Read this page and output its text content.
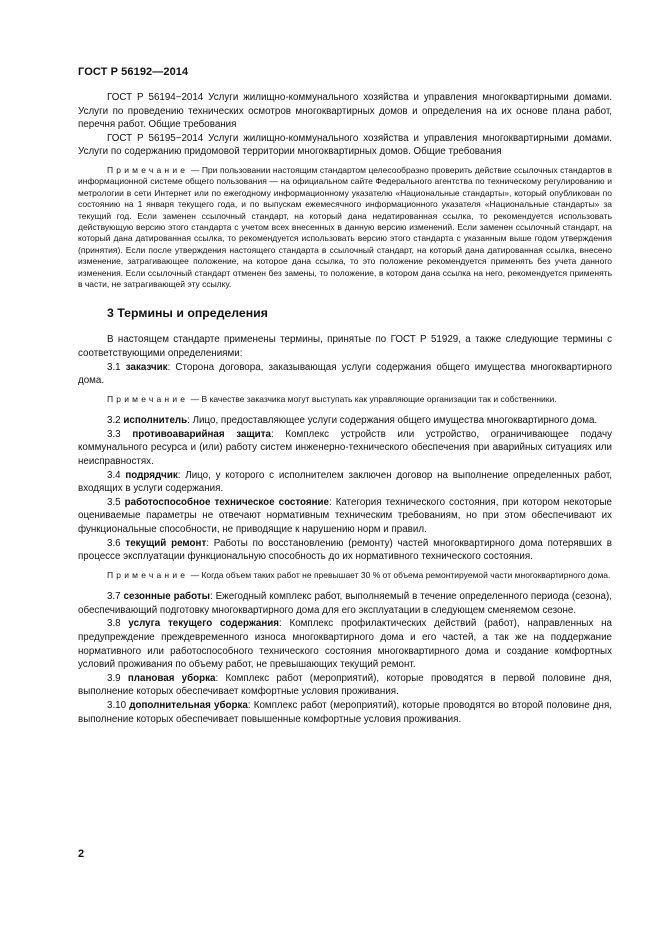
ГОСТ Р 56192—2014

ГОСТ Р 56194−2014 Услуги жилищно-коммунального хозяйства и управления многоквартирными домами. Услуги по проведению технических осмотров многоквартирных домов и определения на их основе плана работ, перечня работ. Общие требования

ГОСТ Р 56195−2014 Услуги жилищно-коммунального хозяйства и управления многоквартирными домами. Услуги по содержанию придомовой территории многоквартирных домов. Общие требования

Примечание — При пользовании настоящим стандартом целесообразно проверить действие ссылочных стандартов в информационной системе общего пользования — на официальном сайте Федерального агентства по техническому регулированию и метрологии в сети Интернет или по ежегодному информационному указателю «Национальные стандарты», который опубликован по состоянию на 1 января текущего года, и по выпускам ежемесячного информационного указателя «Национальные стандарты» за текущий год. Если заменен ссылочный стандарт, на который дана недатированная ссылка, то рекомендуется использовать действующую версию этого стандарта с учетом всех внесенных в данную версию изменений. Если заменен ссылочный стандарт, на который дана датированная ссылка, то рекомендуется использовать версию этого стандарта с указанным выше годом утверждения (принятия). Если после утверждения настоящего стандарта в ссылочный стандарт, на который дана датированная ссылка, внесено изменение, затрагивающее положение, на которое дана ссылка, то это положение рекомендуется применять без учета данного изменения. Если ссылочный стандарт отменен без замены, то положение, в котором дана ссылка на него, рекомендуется применять в части, не затрагивающей эту ссылку.

3 Термины и определения

В настоящем стандарте применены термины, принятые по ГОСТ Р 51929, а также следующие термины с соответствующими определениями:

3.1 заказчик: Сторона договора, заказывающая услуги содержания общего имущества многоквартирного дома.

Примечание — В качестве заказчика могут выступать как управляющие организации так и собственники.

3.2 исполнитель: Лицо, предоставляющее услуги содержания общего имущества многоквартирного дома.

3.3 противоаварийная защита: Комплекс устройств или устройство, ограничивающее подачу коммунального ресурса и (или) работу систем инженерно-технического обеспечения при аварийных ситуациях или неисправностях.

3.4 подрядчик: Лицо, у которого с исполнителем заключен договор на выполнение определенных работ, входящих в услуги содержания.

3.5 работоспособное техническое состояние: Категория технического состояния, при котором некоторые оцениваемые параметры не отвечают нормативным техническим требованиям, но при этом обеспечивают их функциональные способности, не приводящие к нарушению норм и правил.

3.6 текущий ремонт: Работы по восстановлению (ремонту) частей многоквартирного дома потерявших в процессе эксплуатации функциональную способность до их нормативного технического состояния.

Примечание — Когда объем таких работ не превышает 30 % от объема ремонтируемой части многоквартирного дома.

3.7 сезонные работы: Ежегодный комплекс работ, выполняемый в течение определенного периода (сезона), обеспечивающий подготовку многоквартирного дома для его эксплуатации в следующем сменяемом сезоне.

3.8 услуга текущего содержания: Комплекс профилактических действий (работ), направленных на предупреждение преждевременного износа многоквартирного дома и его частей, а так же на поддержание нормативного или работоспособного технического состояния многоквартирного дома и создание комфортных условий проживания по объему работ, не превышающих текущий ремонт.

3.9 плановая уборка: Комплекс работ (мероприятий), которые проводятся в первой половине дня, выполнение которых обеспечивает комфортные условия проживания.

3.10 дополнительная уборка: Комплекс работ (мероприятий), которые проводятся во второй половине дня, выполнение которых обеспечивает повышенные комфортные условия проживания.

2
